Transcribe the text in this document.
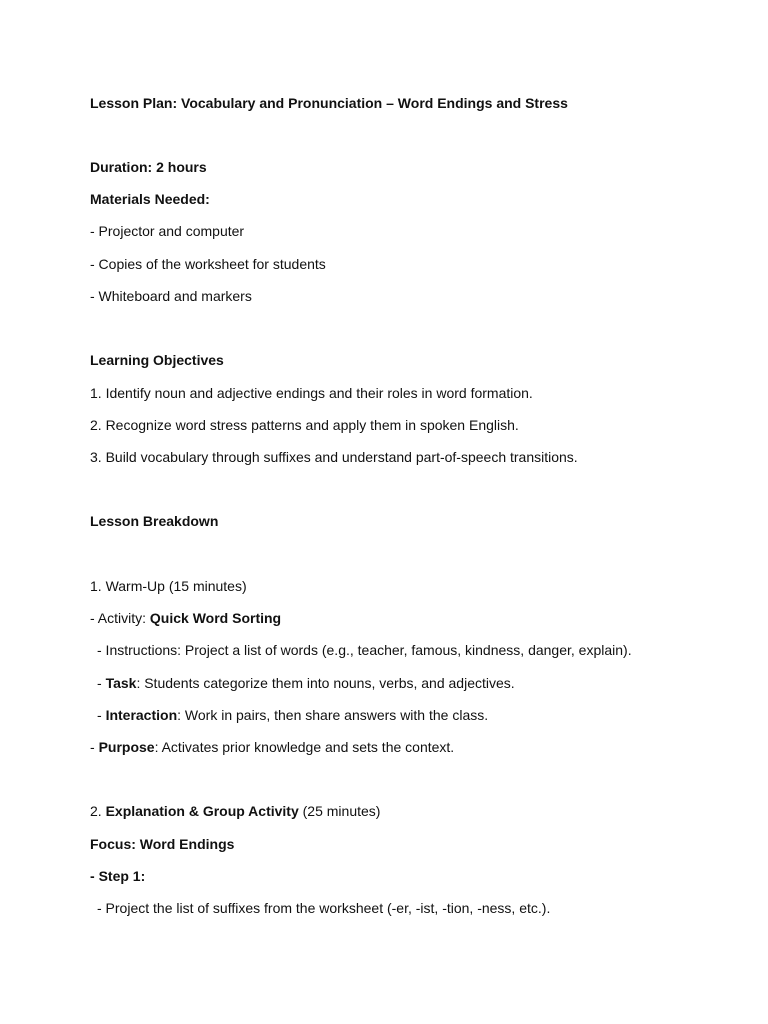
Lesson Plan: Vocabulary and Pronunciation – Word Endings and Stress
Duration: 2 hours
Materials Needed:
- Projector and computer
- Copies of the worksheet for students
- Whiteboard and markers
Learning Objectives
1. Identify noun and adjective endings and their roles in word formation.
2. Recognize word stress patterns and apply them in spoken English.
3. Build vocabulary through suffixes and understand part-of-speech transitions.
Lesson Breakdown
1. Warm-Up (15 minutes)
- Activity: Quick Word Sorting
- Instructions: Project a list of words (e.g., teacher, famous, kindness, danger, explain).
- Task: Students categorize them into nouns, verbs, and adjectives.
- Interaction: Work in pairs, then share answers with the class.
- Purpose: Activates prior knowledge and sets the context.
2. Explanation & Group Activity (25 minutes)
Focus: Word Endings
- Step 1:
- Project the list of suffixes from the worksheet (-er, -ist, -tion, -ness, etc.).
